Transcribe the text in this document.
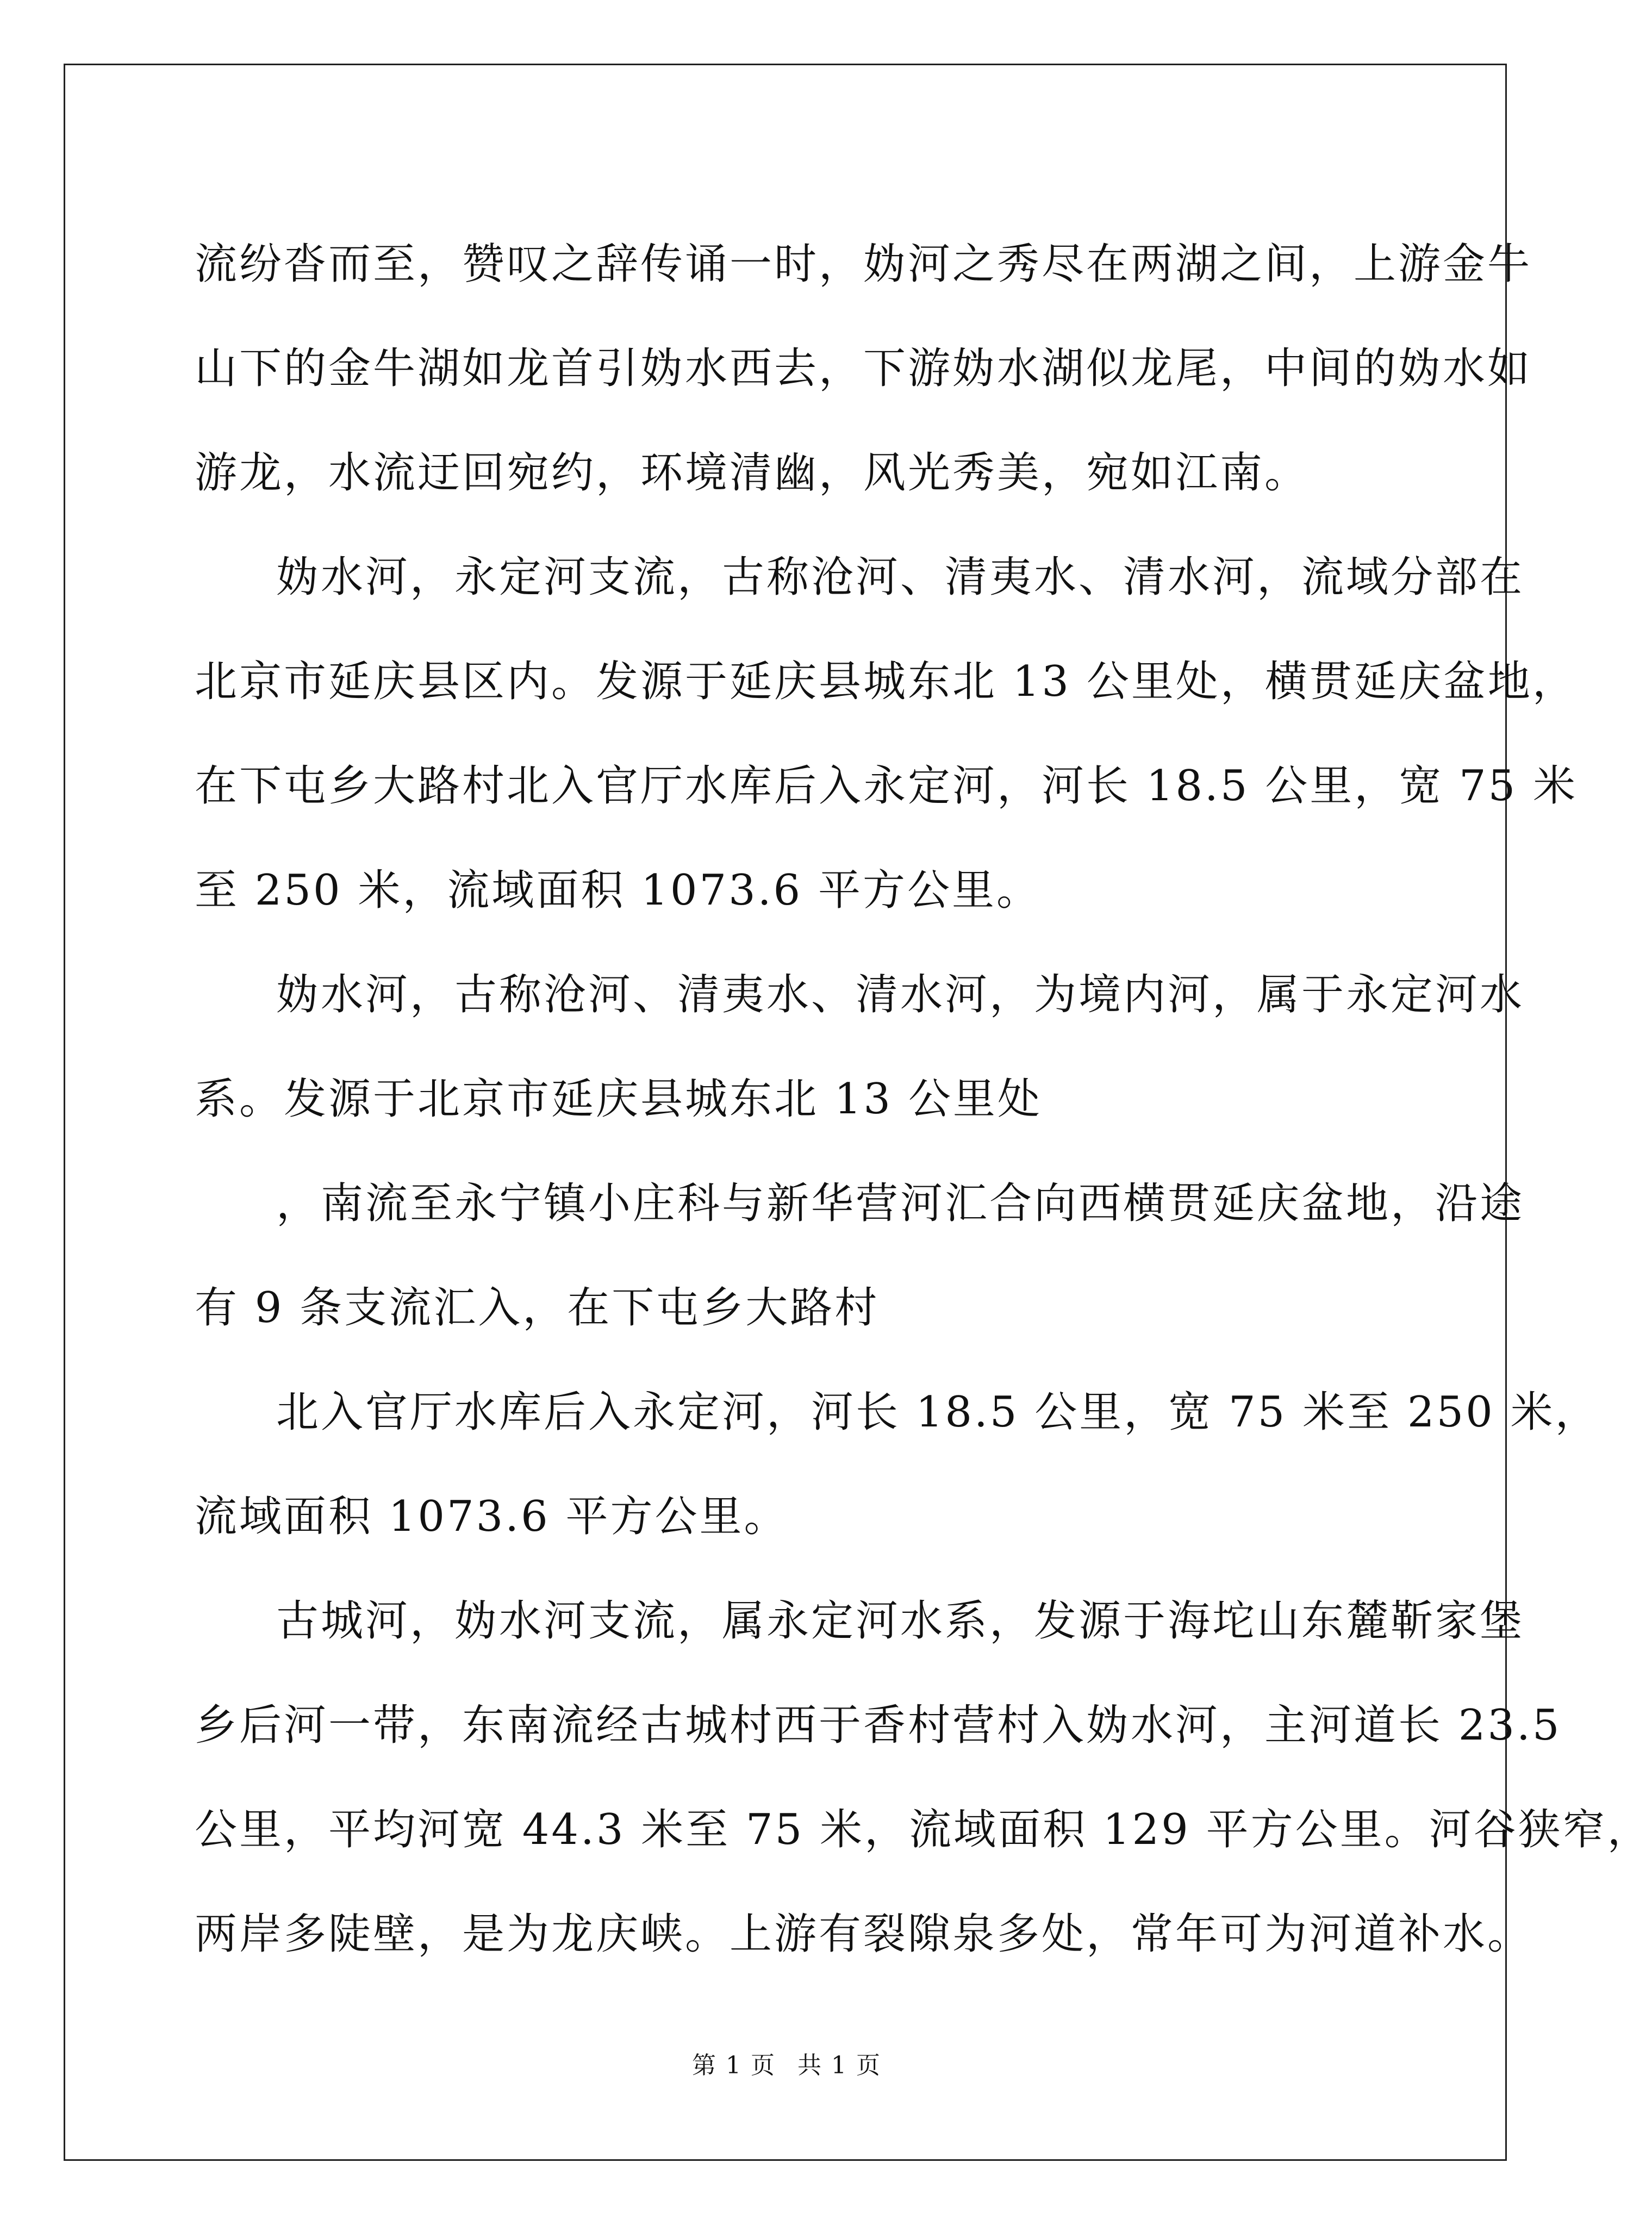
流纷沓而至，赞叹之辞传诵一时，妫河之秀尽在两湖之间，上游金牛
山下的金牛湖如龙首引妫水西去，下游妫水湖似龙尾，中间的妫水如
游龙，水流迂回宛约，环境清幽，风光秀美，宛如江南。
妫水河，永定河支流，古称沧河、清夷水、清水河，流域分部在
北京市延庆县区内。发源于延庆县城东北 13 公里处，横贯延庆盆地，
在下屯乡大路村北入官厅水库后入永定河，河长 18.5 公里，宽 75 米
至 250 米，流域面积 1073.6 平方公里。
妫水河，古称沧河、清夷水、清水河，为境内河，属于永定河水
系。发源于北京市延庆县城东北 13 公里处
，南流至永宁镇小庄科与新华营河汇合向西横贯延庆盆地，沿途
有 9 条支流汇入，在下屯乡大路村
北入官厅水库后入永定河，河长 18.5 公里，宽 75 米至 250 米，
流域面积 1073.6 平方公里。
古城河，妫水河支流，属永定河水系，发源于海坨山东麓靳家堡
乡后河一带，东南流经古城村西于香村营村入妫水河，主河道长 23.5
公里，平均河宽 44.3 米至 75 米，流域面积 129 平方公里。河谷狭窄，
两岸多陡壁，是为龙庆峡。上游有裂隙泉多处，常年可为河道补水。
第 1 页 共 1 页
